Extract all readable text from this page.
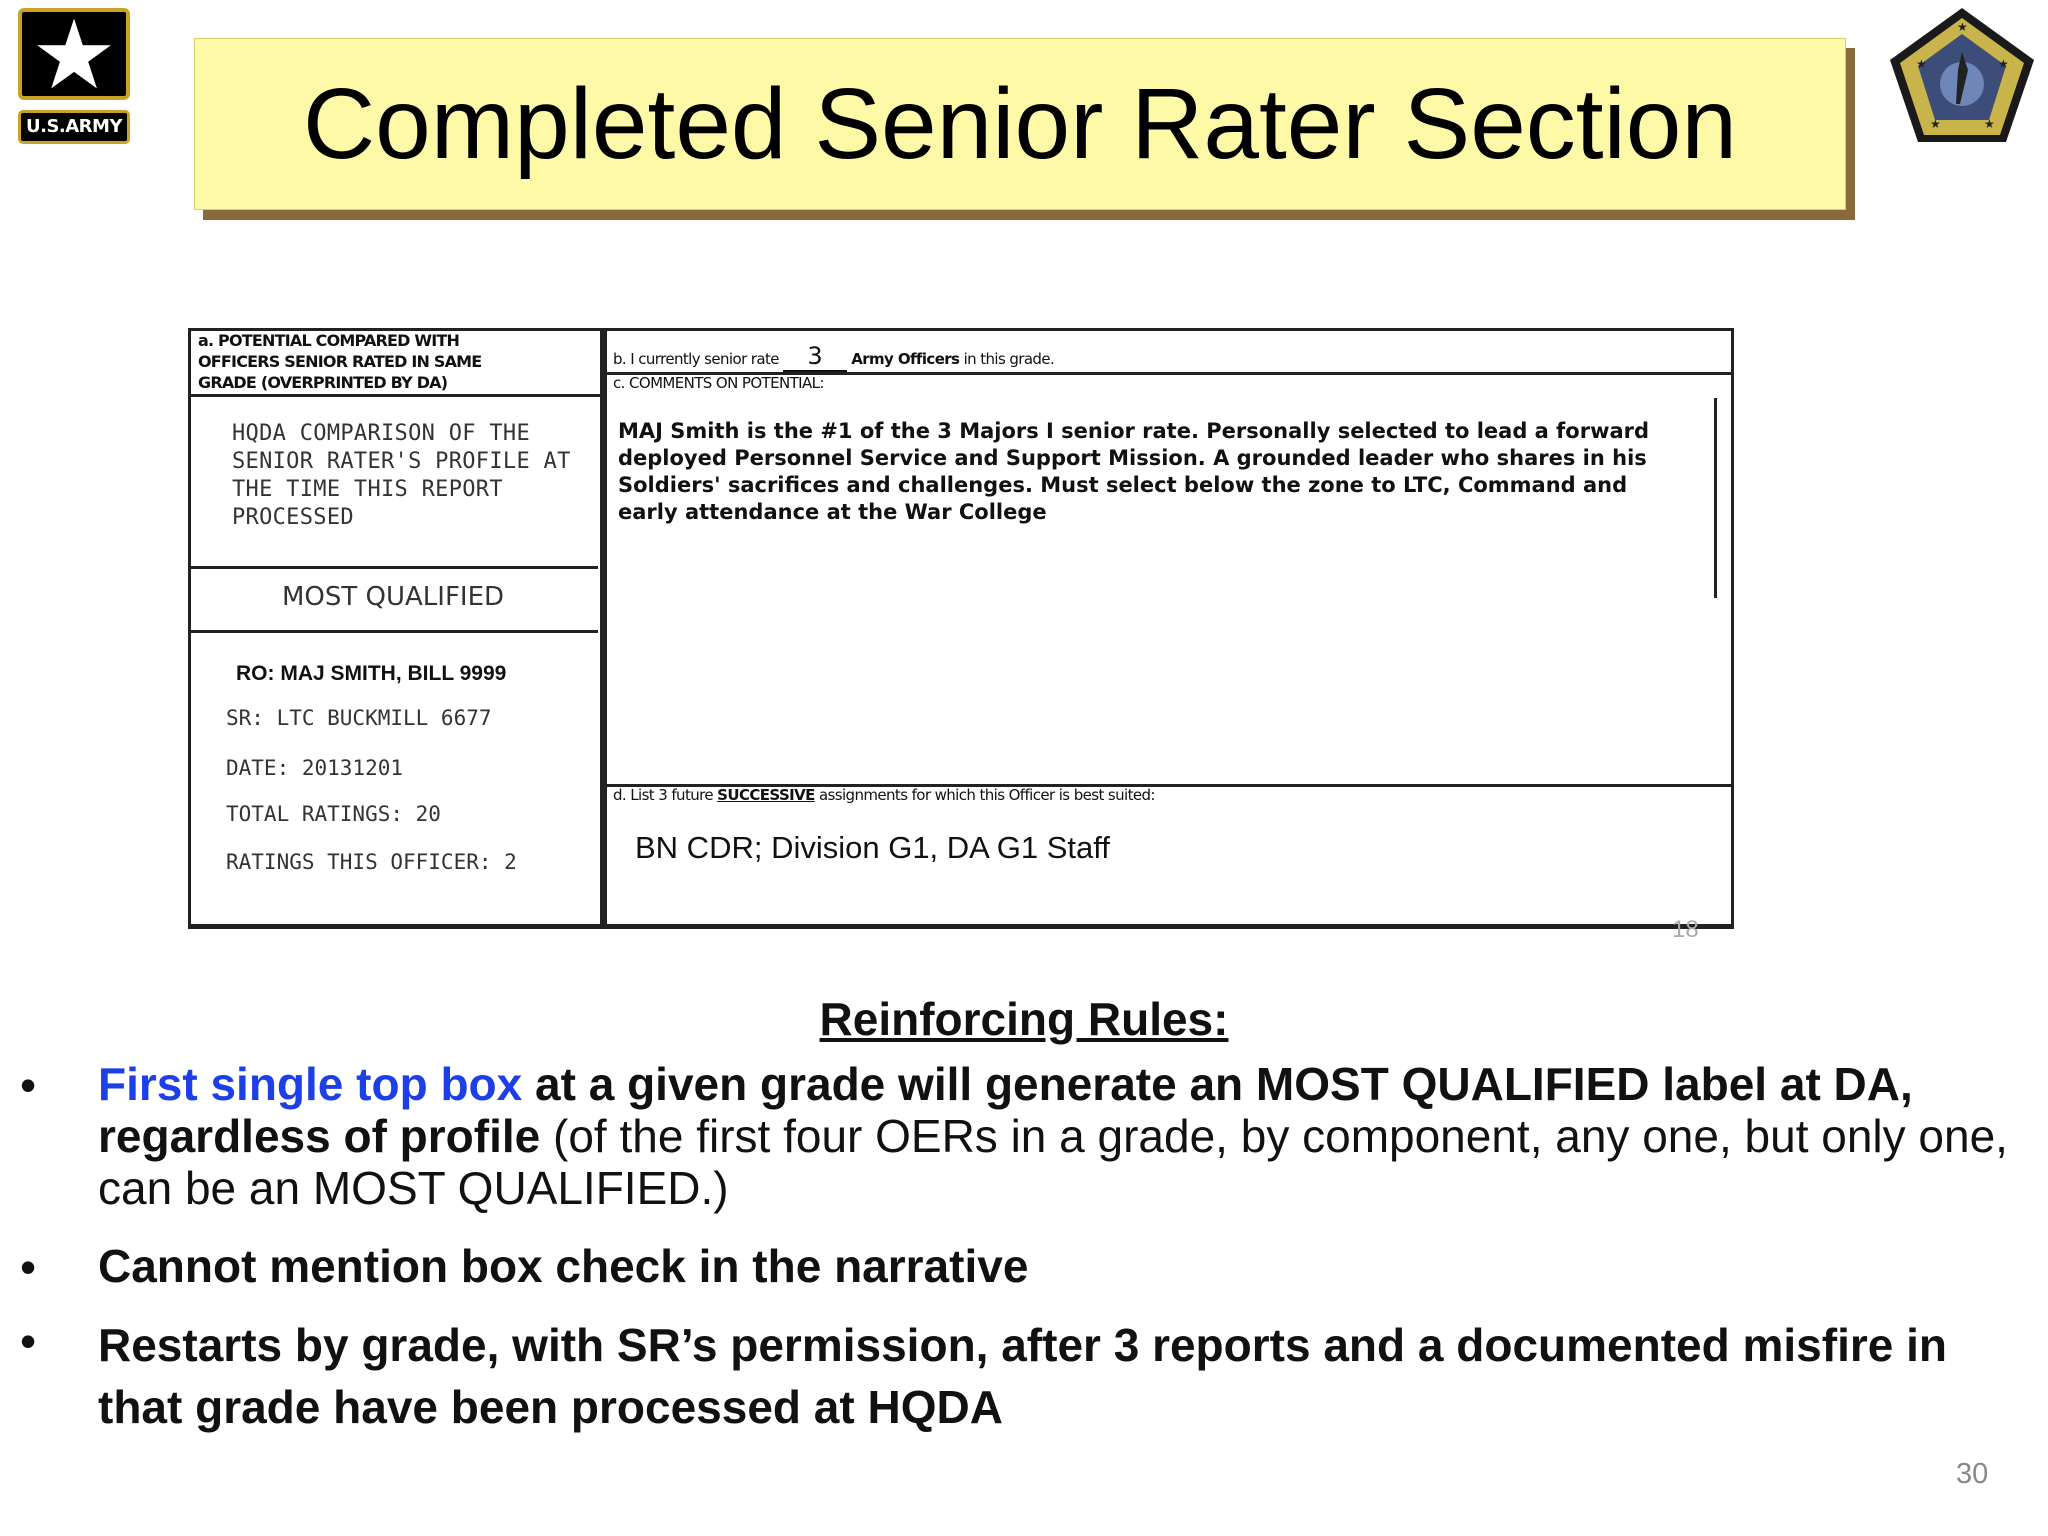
★
U.S.ARMY
★	★
★	★
★
Completed Senior Rater Section
a. POTENTIAL COMPARED WITH
OFFICERS SENIOR RATED IN SAME
GRADE (OVERPRINTED BY DA)
b. I currently senior rate 3 Army Officers in this grade.
c. COMMENTS ON POTENTIAL:
HQDA COMPARISON OF THE
SENIOR RATER'S PROFILE AT
THE TIME THIS REPORT
PROCESSED
MOST QUALIFIED
RO: MAJ SMITH, BILL 9999
SR: LTC BUCKMILL 6677
DATE: 20131201
TOTAL RATINGS: 20
RATINGS THIS OFFICER: 2
MAJ Smith is the #1 of the 3 Majors I senior rate. Personally selected to lead a forward
deployed Personnel Service and Support Mission. A grounded leader who shares in his
Soldiers' sacrifices and challenges. Must select below the zone to LTC, Command and
early attendance at the War College
d. List 3 future SUCCESSIVE assignments for which this Officer is best suited:
BN CDR; Division G1, DA G1 Staff
18
Reinforcing Rules:
• First single top box at a given grade will generate an MOST QUALIFIED label at DA, regardless of profile (of the first four OERs in a grade, by component, any one, but only one, can be an MOST QUALIFIED.)
• Cannot mention box check in the narrative
• Restarts by grade, with SR’s permission, after 3 reports and a documented misfire in that grade have been processed at HQDA
30
